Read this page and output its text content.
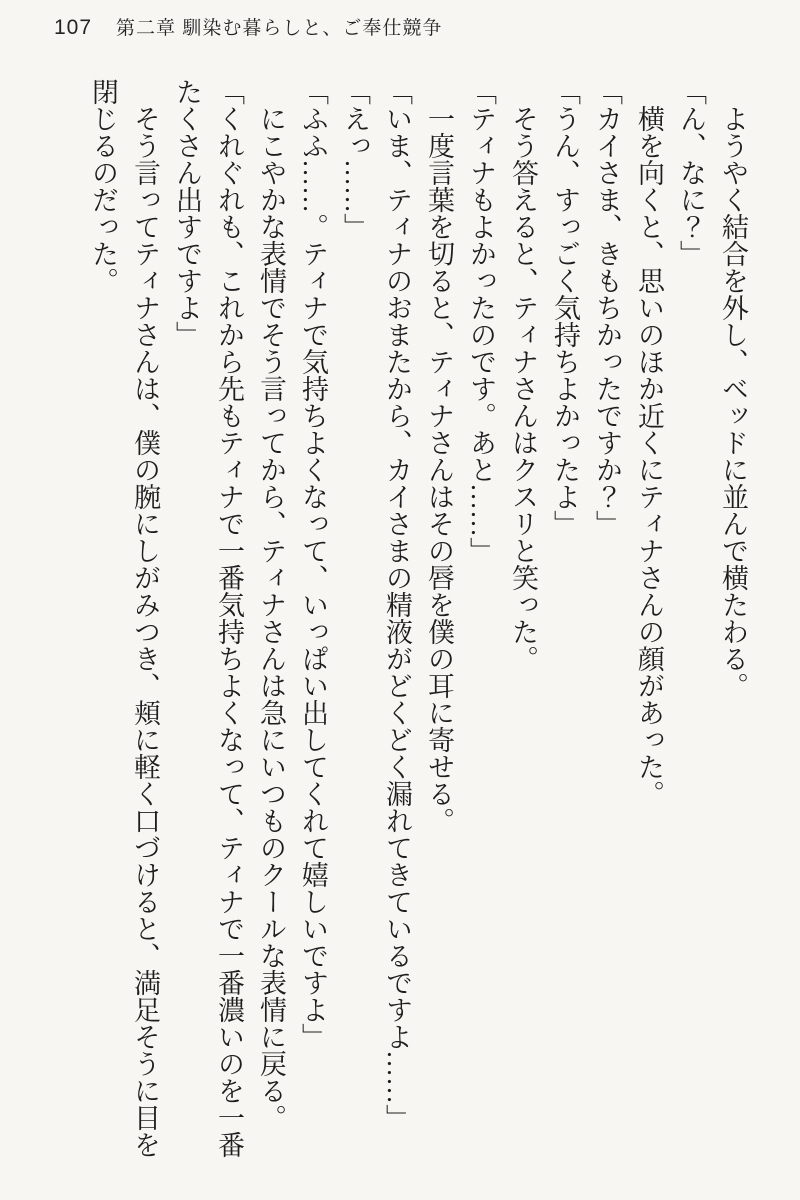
107 第二章 馴染む暮らしと、ご奉仕競争

ようやく結合を外し、ベッドに並んで横たわる。

「ん、なに？」

横を向くと、思いのほか近くにティナさんの顔があった。

「カイさま、きもちかったですか？」

「うん、すっごく気持ちよかったよ」

そう答えると、ティナさんはクスリと笑った。

「ティナもよかったのです。あと……」

一度言葉を切ると、ティナさんはその唇を僕の耳に寄せる。

「いま、ティナのおまたから、カイさまの精液がどくどく漏れてきているですよ……」

「えっ……」

「ふふ……。ティナで気持ちよくなって、いっぱい出してくれて嬉しいですよ」

にこやかな表情でそう言ってから、ティナさんは急にいつものクールな表情に戻る。

「くれぐれも、これから先もティナで一番気持ちよくなって、ティナで一番濃いのを一番たくさん出すですよ」

そう言ってティナさんは、僕の腕にしがみつき、頬に軽く口づけると、満足そうに目を閉じるのだった。
